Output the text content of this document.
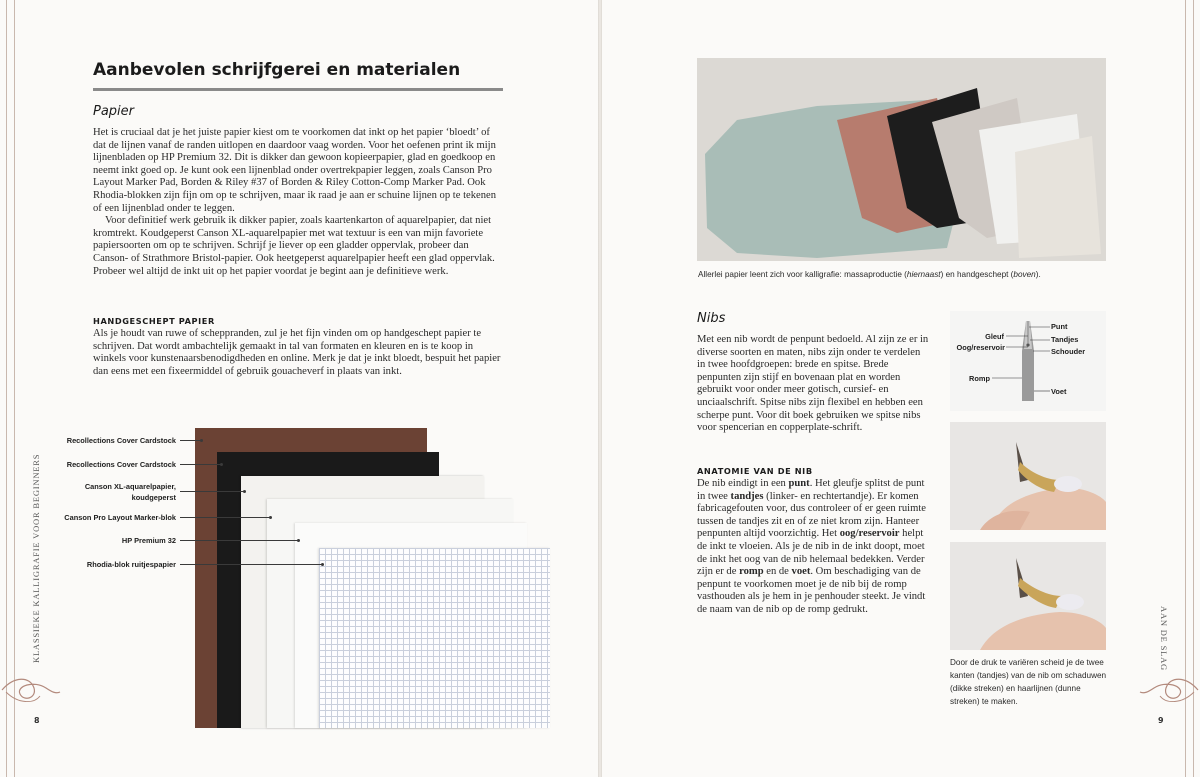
Aanbevolen schrijfgerei en materialen
Papier

Het is cruciaal dat je het juiste papier kiest om te voorkomen dat inkt op het papier ‘bloedt’ of dat de lijnen vanaf de randen uitlopen en daardoor vaag worden. Voor het oefenen print ik mijn lijnenbladen op HP Premium 32. Dit is dikker dan gewoon kopieerpapier, glad en goedkoop en neemt inkt goed op. Je kunt ook een lijnenblad onder overtrekpapier leggen, zoals Canson Pro Layout Marker Pad, Borden & Riley #37 of Borden & Riley Cotton-Comp Marker Pad. Ook Rhodia-blokken zijn fijn om op te schrijven, maar ik raad je aan er schuine lijnen op te tekenen of een lijnenblad onder te leggen.

Voor definitief werk gebruik ik dikker papier, zoals kaartenkarton of aquarelpapier, dat niet kromtrekt. Koudgeperst Canson XL-aquarelpapier met wat textuur is een van mijn favoriete papiersoorten om op te schrijven. Schrijf je liever op een gladder oppervlak, probeer dan Canson- of Strathmore Bristol-papier. Ook heetgeperst aquarelpapier heeft een glad oppervlak. Probeer wel altijd de inkt uit op het papier voordat je begint aan je definitieve werk.

HANDGESCHEPT PAPIER

Als je houdt van ruwe of scheppranden, zul je het fijn vinden om op handgeschept papier te schrijven. Dat wordt ambachtelijk gemaakt in tal van formaten en kleuren en is te koop in winkels voor kunstenaarsbenodigdheden en online. Merk je dat je inkt bloedt, bespuit het papier dan eens met een fixeermiddel of gebruik gouacheverf in plaats van inkt.

Recollections Cover Cardstock
Recollections Cover Cardstock
Canson XL-aquarelpapier,
koudgeperst
Canson Pro Layout Marker-blok
HP Premium 32
Rhodia-blok ruitjespapier
KLASSIEKE KALLIGRAFIE VOOR BEGINNERS
8
Allerlei papier leent zich voor kalligrafie: massaproductie (hiernaast) en handgeschept (boven).
Nibs

Met een nib wordt de penpunt bedoeld. Al zijn ze er in diverse soorten en maten, nibs zijn onder te verdelen in twee hoofdgroepen: brede en spitse. Brede penpunten zijn stijf en bovenaan plat en worden gebruikt voor onder meer gotisch, cursief- en unciaalschrift. Spitse nibs zijn flexibel en hebben een scherpe punt. Voor dit boek gebruiken we spitse nibs voor spencerian en copperplate-schrift.

ANATOMIE VAN DE NIB

De nib eindigt in een punt. Het gleufje splitst de punt in twee tandjes (linker- en rechtertandje). Er komen fabricagefouten voor, dus controleer of er geen ruimte tussen de tandjes zit en of ze niet krom zijn. Hanteer penpunten altijd voorzichtig. Het oog/reservoir helpt de inkt te vloeien. Als je de nib in de inkt doopt, moet de inkt het oog van de nib helemaal bedekken. Verder zijn er de romp en de voet. Om beschadiging van de penpunt te voorkomen moet je de nib bij de romp vasthouden als je hem in je penhouder steekt. Je vindt de naam van de nib op de romp gedrukt.

Punt
Gleuf	Tandjes
Oog/reservoir	Schouder
Romp
Voet
Door de druk te variëren scheid je de twee kanten (tandjes) van de nib om schaduwen (dikke streken) en haarlijnen (dunne streken) te maken.
AAN DE SLAG
9
